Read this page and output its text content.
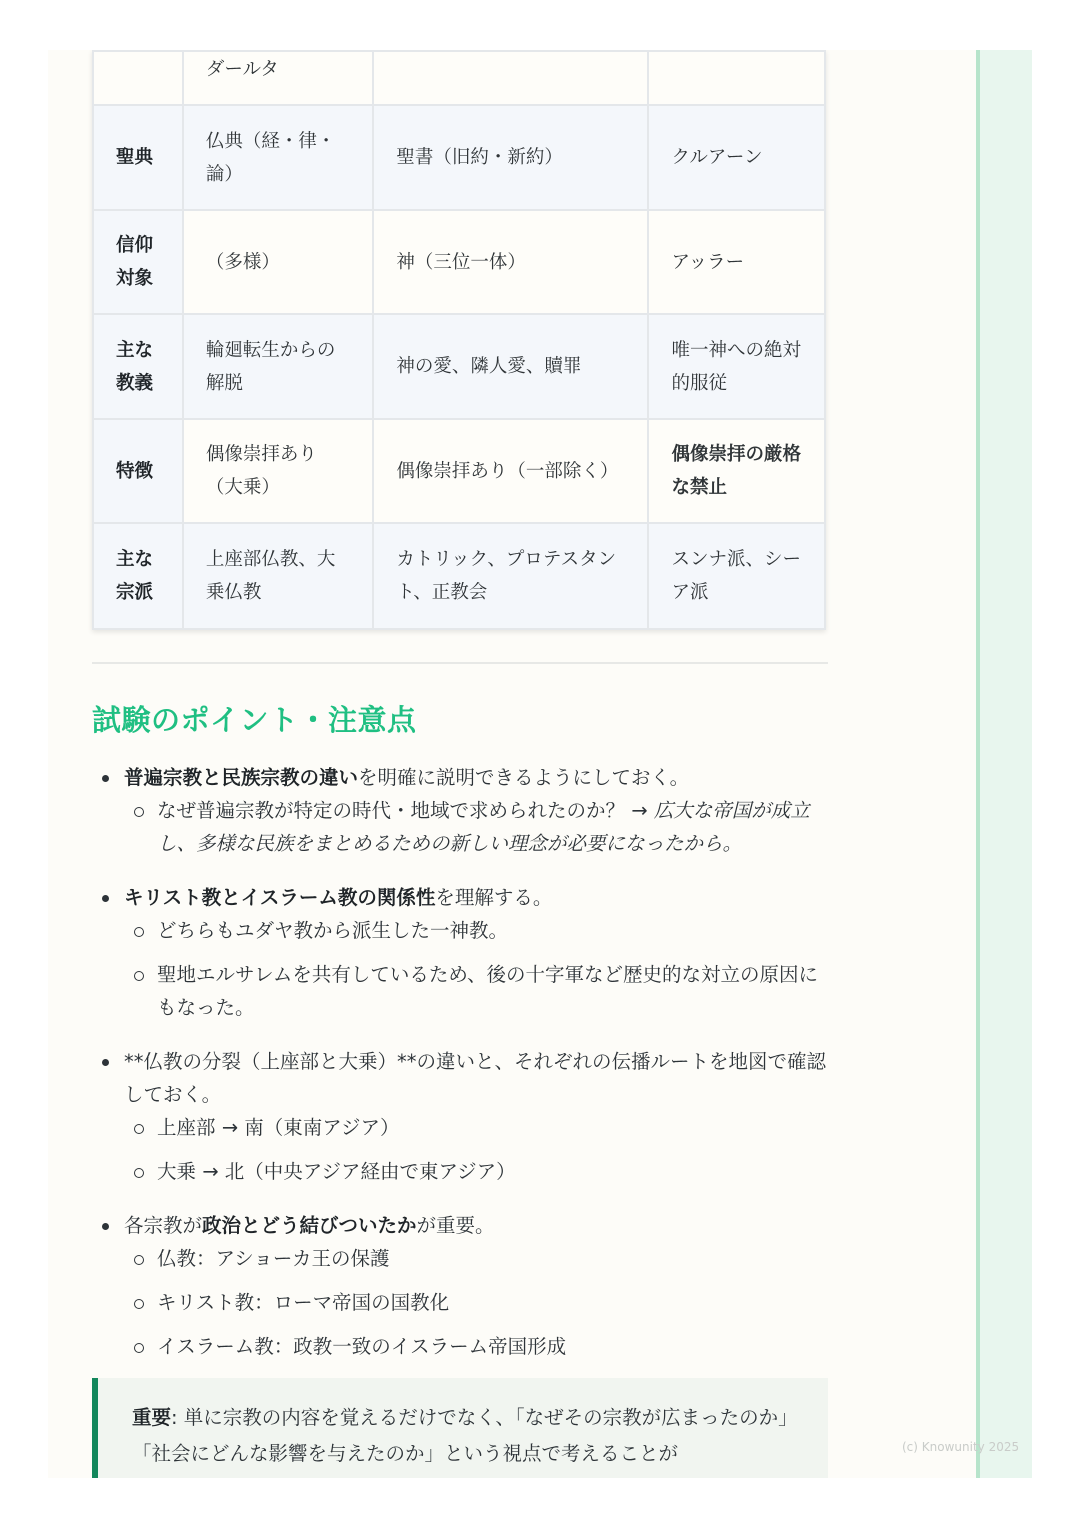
(c) Knowunity 2025
	ダールタ		
聖典	仏典（経・律・論）	聖書（旧約・新約）	クルアーン
信仰対象	（多様）	神（三位一体）	アッラー
主な教義	輪廻転生からの解脱	神の愛、隣人愛、贖罪	唯一神への絶対的服従
特徴	偶像崇拝あり（大乗）	偶像崇拝あり（一部除く）	偶像崇拝の厳格な禁止
主な宗派	上座部仏教、大乗仏教	カトリック、プロテスタント、正教会	スンナ派、シーア派
試験のポイント・注意点
普遍宗教と民族宗教の違いを明確に説明できるようにしておく。
なぜ普遍宗教が特定の時代・地域で求められたのか？ → 広大な帝国が成立し、多様な民族をまとめるための新しい理念が必要になったから。
キリスト教とイスラーム教の関係性を理解する。
どちらもユダヤ教から派生した一神教。
聖地エルサレムを共有しているため、後の十字軍など歴史的な対立の原因にもなった。
**仏教の分裂（上座部と大乗）**の違いと、それぞれの伝播ルートを地図で確認しておく。
上座部 → 南（東南アジア）
大乗 → 北（中央アジア経由で東アジア）
各宗教が政治とどう結びついたかが重要。
仏教：アショーカ王の保護
キリスト教：ローマ帝国の国教化
イスラーム教：政教一致のイスラーム帝国形成
重要: 単に宗教の内容を覚えるだけでなく、「なぜその宗教が広まったのか」「社会にどんな影響を与えたのか」という視点で考えることが
